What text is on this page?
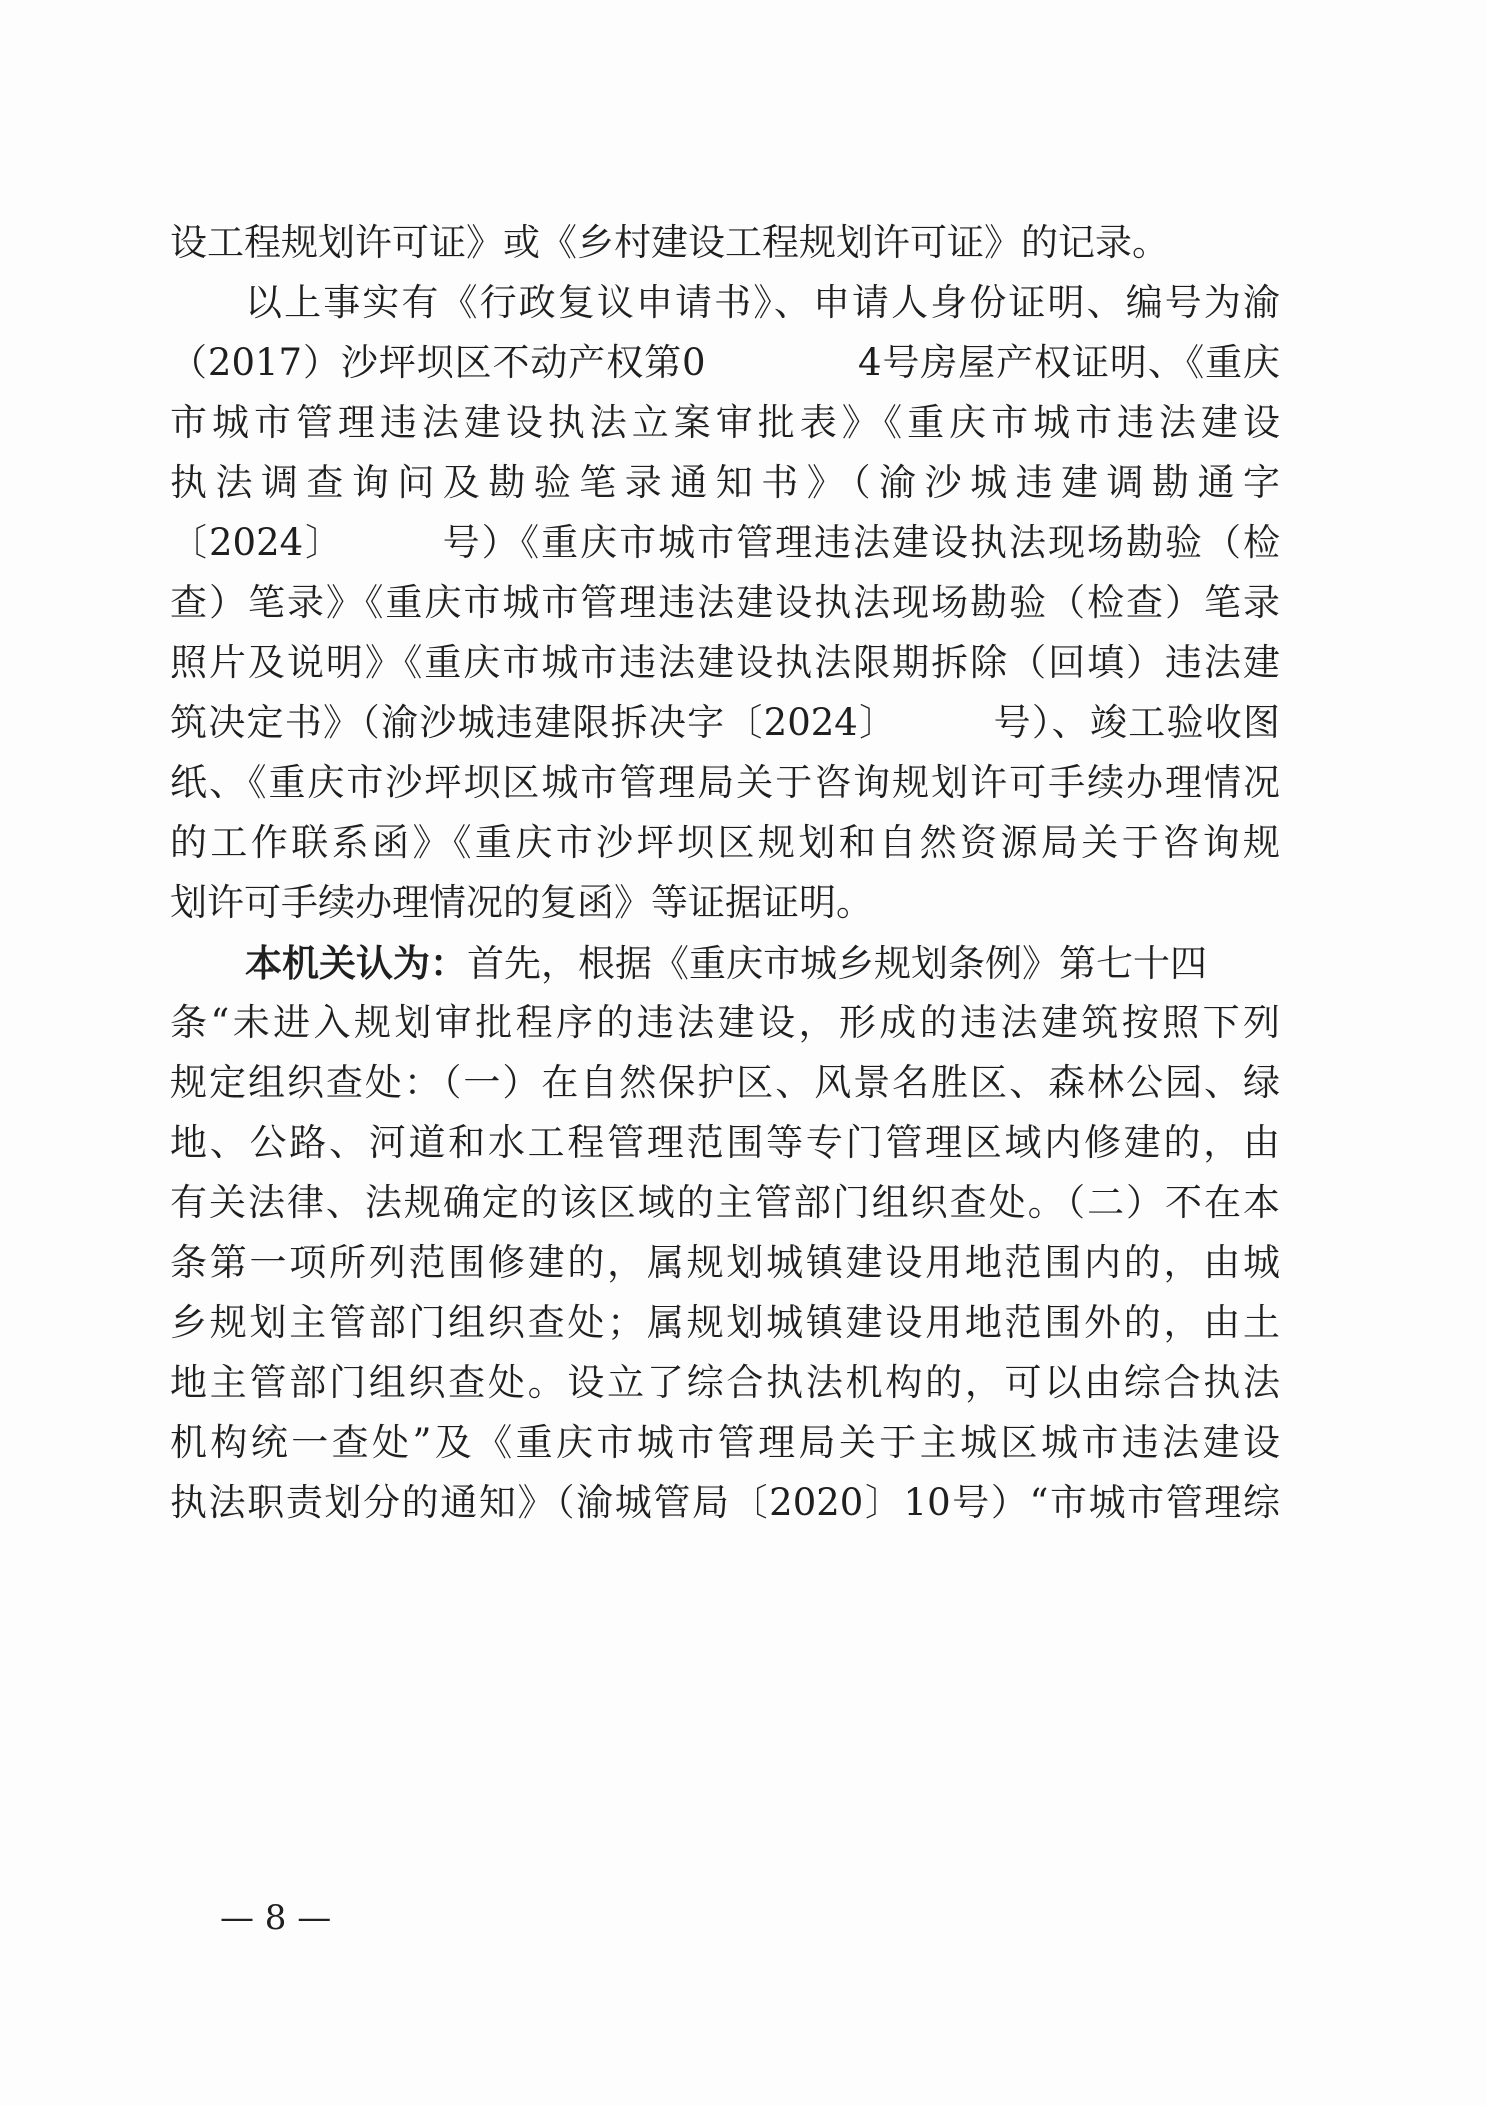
设工程规划许可证》或《乡村建设工程规划许可证》的记录。
以上事实有《行政复议申请书》、申请人身份证明、编号为渝
（2017）沙坪坝区不动产权第0　　　　4号房屋产权证明、《重庆
市城市管理违法建设执法立案审批表》《重庆市城市违法建设
执法调查询问及勘验笔录通知书》（渝沙城违建调勘通字
〔2024〕　　　号）《重庆市城市管理违法建设执法现场勘验（检
查）笔录》《重庆市城市管理违法建设执法现场勘验（检查）笔录
照片及说明》《重庆市城市违法建设执法限期拆除（回填）违法建
筑决定书》（渝沙城违建限拆决字〔2024〕　　　号）、竣工验收图
纸、《重庆市沙坪坝区城市管理局关于咨询规划许可手续办理情况
的工作联系函》《重庆市沙坪坝区规划和自然资源局关于咨询规
划许可手续办理情况的复函》等证据证明。
本机关认为：首先，根据《重庆市城乡规划条例》第七十四
条“未进入规划审批程序的违法建设，形成的违法建筑按照下列
规定组织查处：（一）在自然保护区、风景名胜区、森林公园、绿
地、公路、河道和水工程管理范围等专门管理区域内修建的，由
有关法律、法规确定的该区域的主管部门组织查处。（二）不在本
条第一项所列范围修建的，属规划城镇建设用地范围内的，由城
乡规划主管部门组织查处；属规划城镇建设用地范围外的，由土
地主管部门组织查处。设立了综合执法机构的，可以由综合执法
机构统一查处”及《重庆市城市管理局关于主城区城市违法建设
执法职责划分的通知》（渝城管局〔2020〕10号）“市城市管理综
— 8 —
